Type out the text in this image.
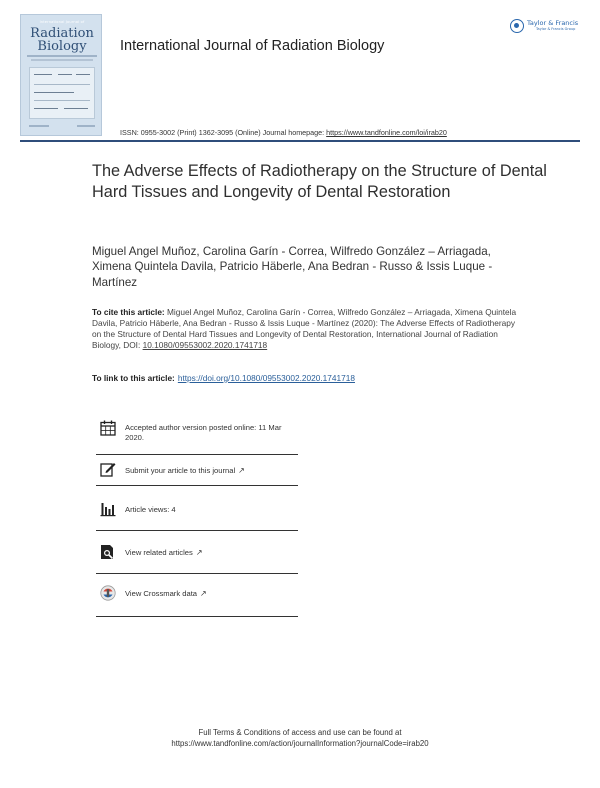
International Journal of
Radiation
Biology	International Journal of Radiation Biology
Taylor & Francis
Taylor & Francis Group
ISSN: 0955-3002 (Print) 1362-3095 (Online) Journal homepage: https://www.tandfonline.com/loi/irab20
The Adverse Effects of Radiotherapy on the Structure of Dental Hard Tissues and Longevity of Dental Restoration
Miguel Angel Muñoz, Carolina Garín - Correa, Wilfredo González – Arriagada, Ximena Quintela Davila, Patricio Häberle, Ana Bedran - Russo & Issis Luque - Martínez
To cite this article: Miguel Angel Muñoz, Carolina Garín - Correa, Wilfredo González – Arriagada, Ximena Quintela Davila, Patricio Häberle, Ana Bedran - Russo & Issis Luque - Martínez (2020): The Adverse Effects of Radiotherapy on the Structure of Dental Hard Tissues and Longevity of Dental Restoration, International Journal of Radiation Biology, DOI: 10.1080/09553002.2020.1741718
To link to this article: https://doi.org/10.1080/09553002.2020.1741718
Accepted author version posted online: 11 Mar 2020.
Submit your article to this journal ↗
Article views: 4
View related articles ↗
View Crossmark data ↗
Full Terms & Conditions of access and use can be found at
https://www.tandfonline.com/action/journalInformation?journalCode=irab20
